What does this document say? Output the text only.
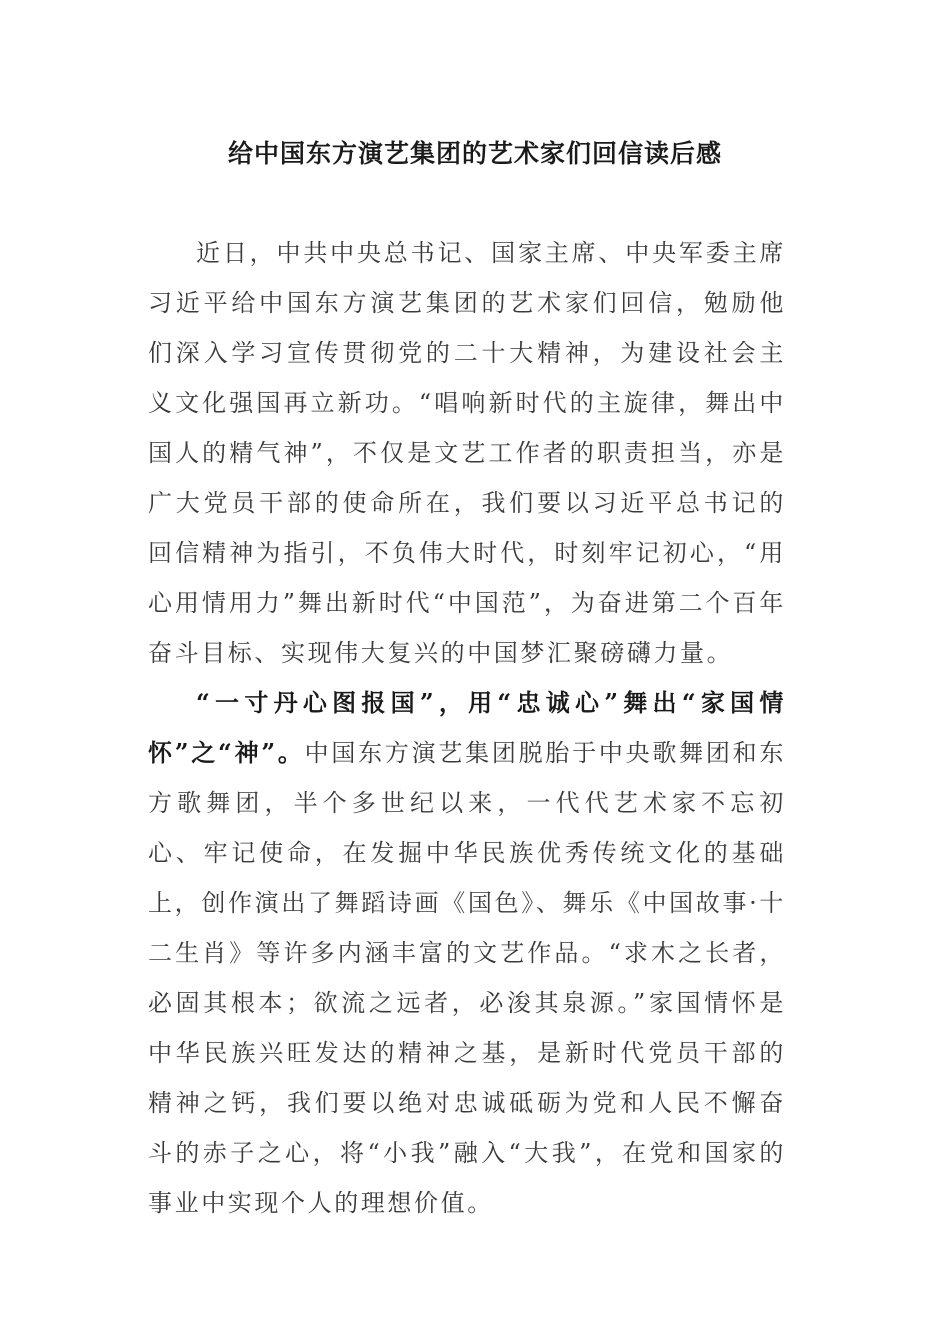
给中国东方演艺集团的艺术家们回信读后感

近日，中共中央总书记、国家主席、中央军委主席习近平给中国东方演艺集团的艺术家们回信，勉励他们深入学习宣传贯彻党的二十大精神，为建设社会主义文化强国再立新功。“唱响新时代的主旋律，舞出中国人的精气神”，不仅是文艺工作者的职责担当，亦是广大党员干部的使命所在，我们要以习近平总书记的回信精神为指引，不负伟大时代，时刻牢记初心，“用心用情用力”舞出新时代“中国范”，为奋进第二个百年奋斗目标、实现伟大复兴的中国梦汇聚磅礴力量。

“一寸丹心图报国”，用“忠诚心”舞出“家国情怀”之“神”。中国东方演艺集团脱胎于中央歌舞团和东方歌舞团，半个多世纪以来，一代代艺术家不忘初心、牢记使命，在发掘中华民族优秀传统文化的基础上，创作演出了舞蹈诗画《国色》、舞乐《中国故事·十二生肖》等许多内涵丰富的文艺作品。“求木之长者，必固其根本；欲流之远者，必浚其泉源。”家国情怀是中华民族兴旺发达的精神之基，是新时代党员干部的精神之钙，我们要以绝对忠诚砥砺为党和人民不懈奋斗的赤子之心，将“小我”融入“大我”，在党和国家的事业中实现个人的理想价值。
